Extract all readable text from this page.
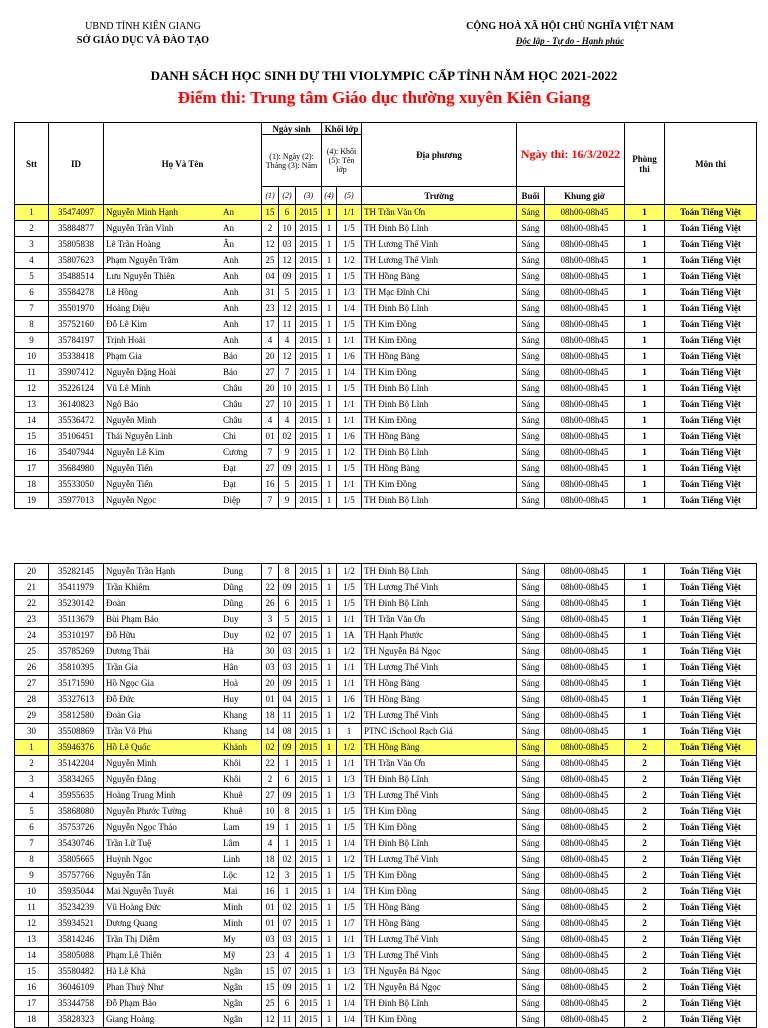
UBND TỈNH KIÊN GIANG
SỞ GIÁO DỤC VÀ ĐÀO TẠO
CỘNG HOÀ XÃ HỘI CHỦ NGHĨA VIỆT NAM
Độc lập - Tự do - Hạnh phúc
DANH SÁCH HỌC SINH DỰ THI VIOLYMPIC CẤP TỈNH NĂM HỌC 2021-2022
Điểm thi: Trung tâm Giáo dục thường xuyên Kiên Giang
Stt	ID	Họ Và Tên	Ngày sinh			Khối lớp		Địa phương	Ngày thi: 16/3/2022		Phòng thi	Môn thi
			(1): Ngày (2): Tháng (3): Năm			(4): Khối (5): Tên lớp						
			(1)	(2)	(3)	(4)	(5)	Trường	Buổi	Khung giờ		
1	35474097	Nguyễn Minh Hạnh An	15	6	2015	1	1/1	TH Trần Văn Ơn	Sáng	08h00-08h45	1	Toán Tiếng Việt
2	35884877	Nguyễn Trần Vĩnh An	2	10	2015	1	1/5	TH Đinh Bộ Lĩnh	Sáng	08h00-08h45	1	Toán Tiếng Việt
3	35805838	Lê Trần Hoàng Ân	12	03	2015	1	1/5	TH Lương Thế Vinh	Sáng	08h00-08h45	1	Toán Tiếng Việt
4	35807623	Phạm Nguyễn Trâm Anh	25	12	2015	1	1/2	TH Lương Thế Vinh	Sáng	08h00-08h45	1	Toán Tiếng Việt
5	35488514	Lưu Nguyễn Thiên Anh	04	09	2015	1	1/5	TH Hồng Bàng	Sáng	08h00-08h45	1	Toán Tiếng Việt
6	35584278	Lê Hồng Anh	31	5	2015	1	1/3	TH Mạc Đĩnh Chi	Sáng	08h00-08h45	1	Toán Tiếng Việt
7	35501970	Hoàng Diệu Anh	23	12	2015	1	1/4	TH Đinh Bộ Lĩnh	Sáng	08h00-08h45	1	Toán Tiếng Việt
8	35752160	Đỗ Lê Kim Anh	17	11	2015	1	1/5	TH Kim Đồng	Sáng	08h00-08h45	1	Toán Tiếng Việt
9	35784197	Trịnh Hoài Anh	4	4	2015	1	1/1	TH Kim Đồng	Sáng	08h00-08h45	1	Toán Tiếng Việt
10	35338418	Phạm Gia Bảo	20	12	2015	1	1/6	TH Hồng Bàng	Sáng	08h00-08h45	1	Toán Tiếng Việt
11	35907412	Nguyễn Đặng Hoài Bảo	27	7	2015	1	1/4	TH Kim Đồng	Sáng	08h00-08h45	1	Toán Tiếng Việt
12	35226124	Vũ Lê Minh Châu	20	10	2015	1	1/5	TH Đinh Bộ Lĩnh	Sáng	08h00-08h45	1	Toán Tiếng Việt
13	36140823	Ngô Bảo Châu	27	10	2015	1	1/1	TH Đinh Bộ Lĩnh	Sáng	08h00-08h45	1	Toán Tiếng Việt
14	35536472	Nguyễn Minh Châu	4	4	2015	1	1/1	TH Kim Đồng	Sáng	08h00-08h45	1	Toán Tiếng Việt
15	35106451	Thái Nguyễn Linh Chi	01	02	2015	1	1/6	TH Hồng Bàng	Sáng	08h00-08h45	1	Toán Tiếng Việt
16	35407944	Nguyễn Lê Kim Cương	7	9	2015	1	1/2	TH Đinh Bộ Lĩnh	Sáng	08h00-08h45	1	Toán Tiếng Việt
17	35684980	Nguyễn Tiến Đạt	27	09	2015	1	1/5	TH Hồng Bàng	Sáng	08h00-08h45	1	Toán Tiếng Việt
18	35533050	Nguyễn Tiến Đạt	16	5	2015	1	1/1	TH Kim Đồng	Sáng	08h00-08h45	1	Toán Tiếng Việt
19	35977013	Nguyễn Ngọc Diệp	7	9	2015	1	1/5	TH Đinh Bộ Lĩnh	Sáng	08h00-08h45	1	Toán Tiếng Việt
20	35282145	Nguyễn Trần Hạnh Dung	7	8	2015	1	1/2	TH Đinh Bộ Lĩnh	Sáng	08h00-08h45	1	Toán Tiếng Việt
21	35411979	Trần Khiêm Dũng	22	09	2015	1	1/5	TH Lương Thế Vinh	Sáng	08h00-08h45	1	Toán Tiếng Việt
22	35230142	Đoàn Dũng	26	6	2015	1	1/5	TH Đinh Bộ Lĩnh	Sáng	08h00-08h45	1	Toán Tiếng Việt
23	35113679	Bùi Phạm Bảo Duy	3	5	2015	1	1/1	TH Trần Văn Ơn	Sáng	08h00-08h45	1	Toán Tiếng Việt
24	35310197	Đỗ Hữu Duy	02	07	2015	1	1A	TH Hạnh Phước	Sáng	08h00-08h45	1	Toán Tiếng Việt
25	35785269	Dương Thái Hà	30	03	2015	1	1/2	TH Nguyễn Bá Ngọc	Sáng	08h00-08h45	1	Toán Tiếng Việt
26	35810395	Trần Gia Hân	03	03	2015	1	1/1	TH Lương Thế Vinh	Sáng	08h00-08h45	1	Toán Tiếng Việt
27	35171590	Hồ Ngọc Gia Hoà	20	09	2015	1	1/1	TH Hồng Bàng	Sáng	08h00-08h45	1	Toán Tiếng Việt
28	35327613	Đỗ Đức Huy	01	04	2015	1	1/6	TH Hồng Bàng	Sáng	08h00-08h45	1	Toán Tiếng Việt
29	35812580	Đoàn Gia Khang	18	11	2015	1	1/2	TH Lương Thế Vinh	Sáng	08h00-08h45	1	Toán Tiếng Việt
30	35508869	Trần Võ Phú Khang	14	08	2015	1	1	PTNC iSchool Rạch Giá	Sáng	08h00-08h45	1	Toán Tiếng Việt
1	35946376	Hồ Lê Quốc Khánh	02	09	2015	1	1/2	TH Hồng Bàng	Sáng	08h00-08h45	2	Toán Tiếng Việt
2	35142204	Nguyễn Minh Khôi	22	1	2015	1	1/1	TH Trần Văn Ơn	Sáng	08h00-08h45	2	Toán Tiếng Việt
3	35834265	Nguyễn Đăng Khôi	2	6	2015	1	1/3	TH Đinh Bộ Lĩnh	Sáng	08h00-08h45	2	Toán Tiếng Việt
4	35955635	Hoàng Trung Minh Khuê	27	09	2015	1	1/3	TH Lương Thế Vinh	Sáng	08h00-08h45	2	Toán Tiếng Việt
5	35868080	Nguyễn Phước Tường Khuê	10	8	2015	1	1/5	TH Kim Đồng	Sáng	08h00-08h45	2	Toán Tiếng Việt
6	35753726	Nguyễn Ngọc Thảo Lam	19	1	2015	1	1/5	TH Kim Đồng	Sáng	08h00-08h45	2	Toán Tiếng Việt
7	35430746	Trần Lữ Tuệ Lâm	4	1	2015	1	1/4	TH Đinh Bộ Lĩnh	Sáng	08h00-08h45	2	Toán Tiếng Việt
8	35805665	Huỳnh Ngọc Linh	18	02	2015	1	1/2	TH Lương Thế Vinh	Sáng	08h00-08h45	2	Toán Tiếng Việt
9	35757766	Nguyễn Tấn Lộc	12	3	2015	1	1/5	TH Kim Đồng	Sáng	08h00-08h45	2	Toán Tiếng Việt
10	35935044	Mai Nguyễn Tuyết Mai	16	1	2015	1	1/4	TH Kim Đồng	Sáng	08h00-08h45	2	Toán Tiếng Việt
11	35234239	Vũ Hoàng Đức Minh	01	02	2015	1	1/5	TH Hồng Bàng	Sáng	08h00-08h45	2	Toán Tiếng Việt
12	35934521	Dương Quang Minh	01	07	2015	1	1/7	TH Hồng Bàng	Sáng	08h00-08h45	2	Toán Tiếng Việt
13	35814246	Trần Thị Diễm My	03	03	2015	1	1/1	TH Lương Thế Vinh	Sáng	08h00-08h45	2	Toán Tiếng Việt
14	35805088	Phạm Lê Thiên Mỹ	23	4	2015	1	1/3	TH Lương Thế Vinh	Sáng	08h00-08h45	2	Toán Tiếng Việt
15	35580482	Hà Lê Khả Ngân	15	07	2015	1	1/3	TH Nguyễn Bá Ngọc	Sáng	08h00-08h45	2	Toán Tiếng Việt
16	36046109	Phan Thuỳ Như Ngân	15	09	2015	1	1/2	TH Nguyễn Bá Ngọc	Sáng	08h00-08h45	2	Toán Tiếng Việt
17	35344758	Đỗ Phạm Bảo Ngân	25	6	2015	1	1/4	TH Đinh Bộ Lĩnh	Sáng	08h00-08h45	2	Toán Tiếng Việt
18	35828323	Giang Hoàng Ngân	12	11	2015	1	1/4	TH Kim Đồng	Sáng	08h00-08h45	2	Toán Tiếng Việt
